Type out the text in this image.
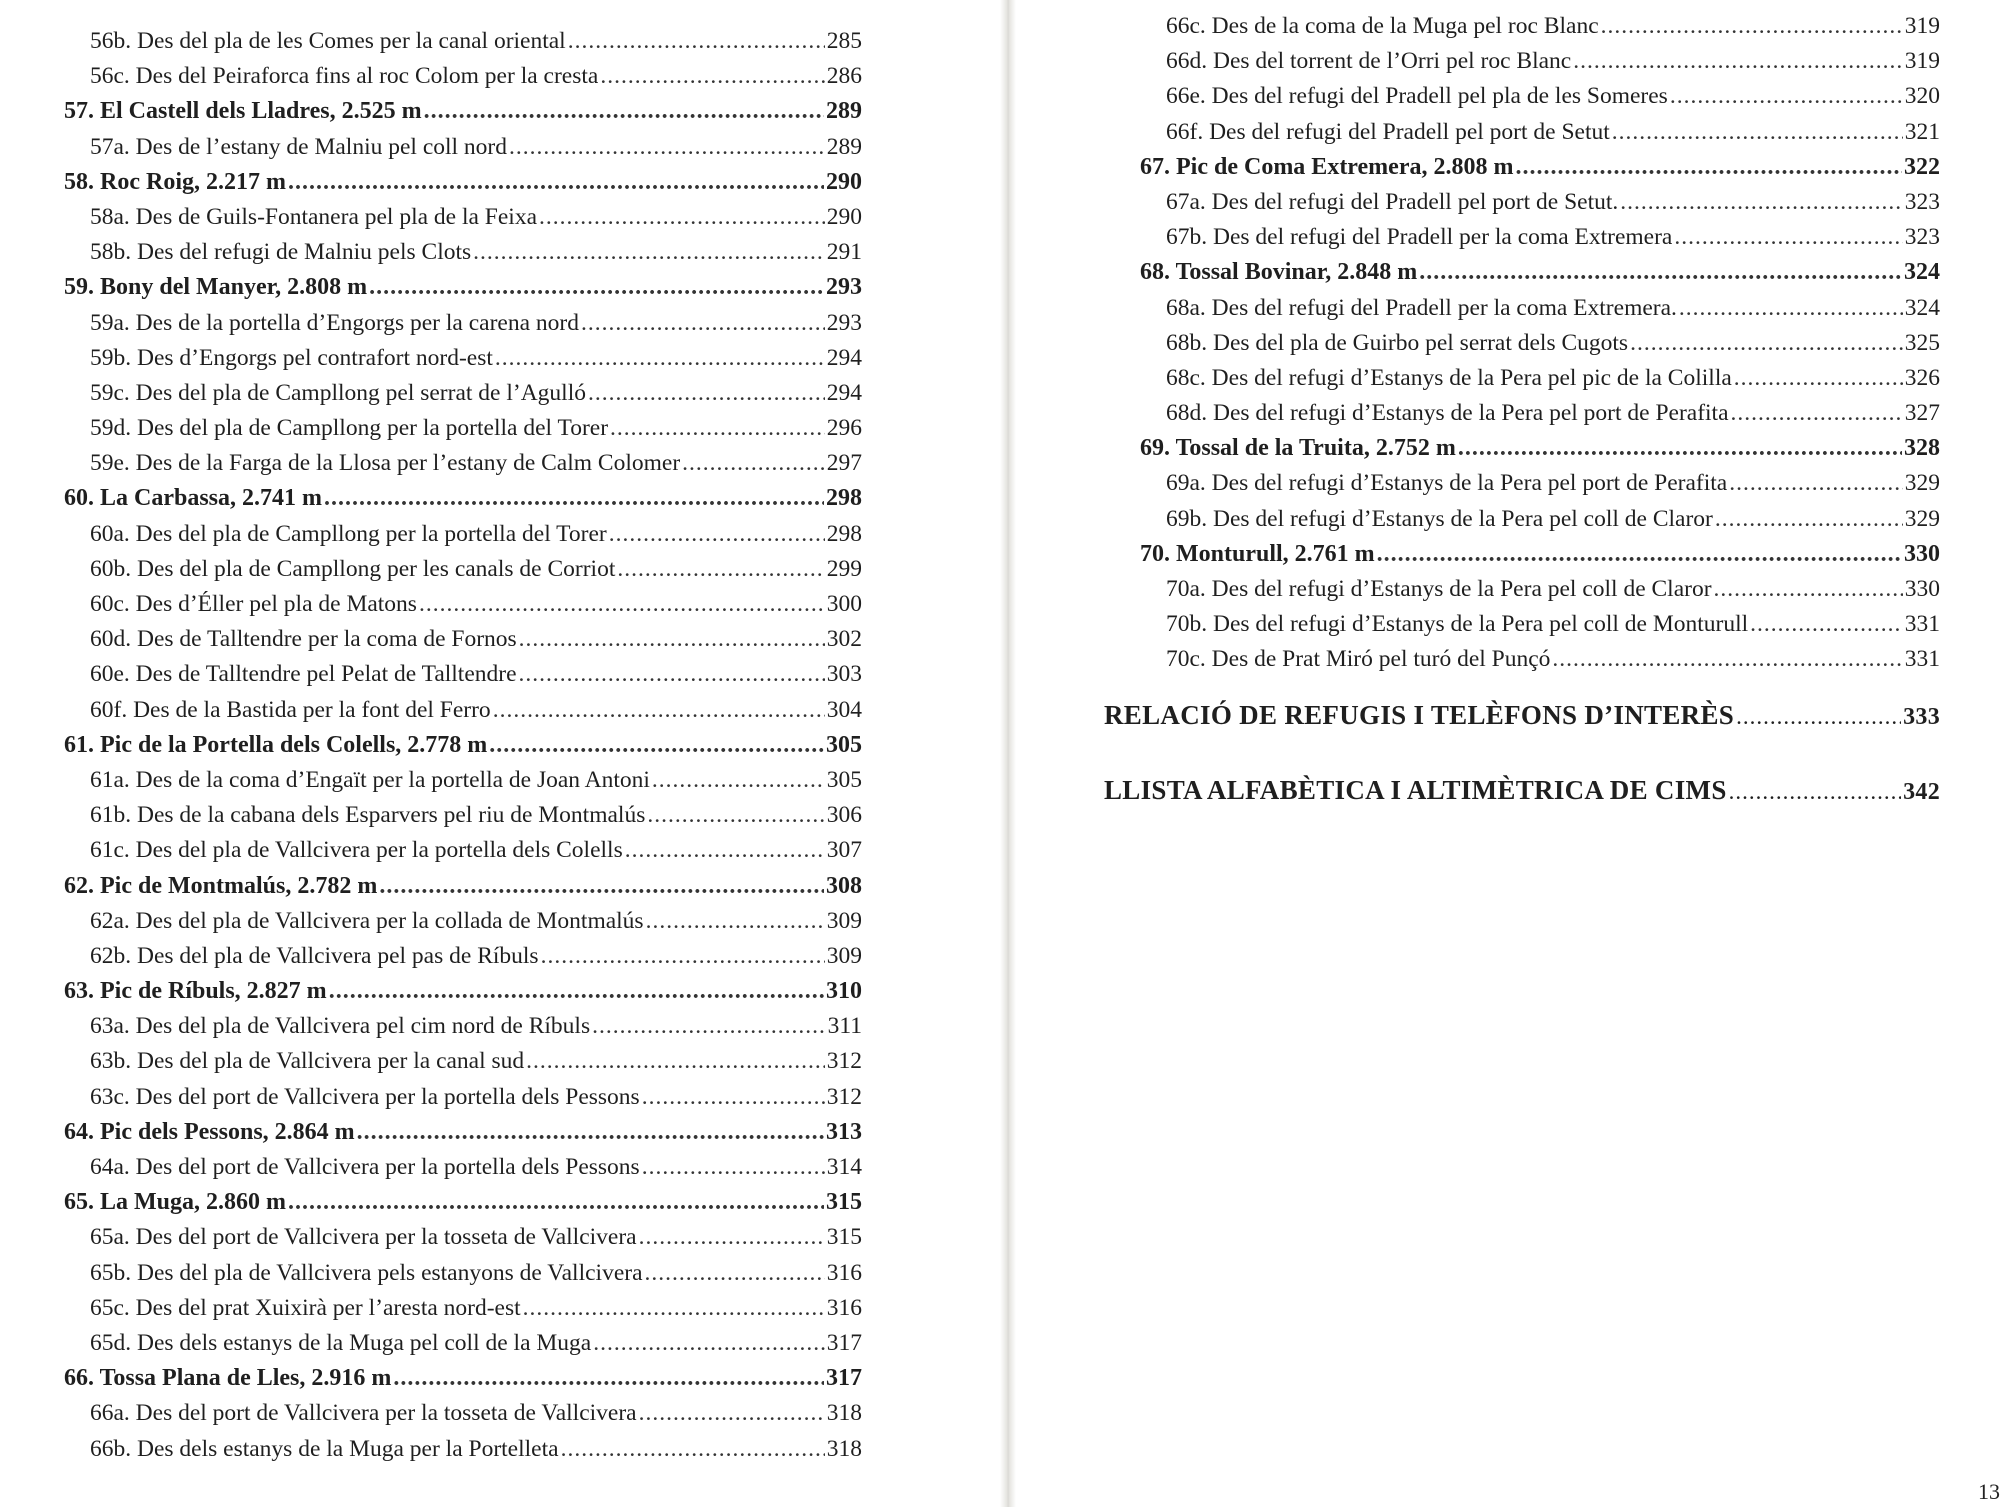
56b. Des del pla de les Comes per la canal oriental .....	285
56c. Des del Peiraforca fins al roc Colom per la cresta .....	286
57. El Castell dels Lladres, 2.525 m .....	289
57a. Des de l’estany de Malniu pel coll nord .....	289
58. Roc Roig, 2.217 m .....	290
58a. Des de Guils-Fontanera pel pla de la Feixa .....	290
58b. Des del refugi de Malniu pels Clots .....	291
59. Bony del Manyer, 2.808 m .....	293
59a. Des de la portella d’Engorgs per la carena nord .....	293
59b. Des d’Engorgs pel contrafort nord-est .....	294
59c. Des del pla de Campllong pel serrat de l’Agulló .....	294
59d. Des del pla de Campllong per la portella del Torer .....	296
59e. Des de la Farga de la Llosa per l’estany de Calm Colomer .....	297
60. La Carbassa, 2.741 m .....	298
60a. Des del pla de Campllong per la portella del Torer .....	298
60b. Des del pla de Campllong per les canals de Corriot .....	299
60c. Des d’Éller pel pla de Matons .....	300
60d. Des de Talltendre per la coma de Fornos .....	302
60e. Des de Talltendre pel Pelat de Talltendre .....	303
60f. Des de la Bastida per la font del Ferro .....	304
61. Pic de la Portella dels Colells, 2.778 m .....	305
61a. Des de la coma d’Engaït per la portella de Joan Antoni .....	305
61b. Des de la cabana dels Esparvers pel riu de Montmalús .....	306
61c. Des del pla de Vallcivera per la portella dels Colells .....	307
62. Pic de Montmalús, 2.782 m .....	308
62a. Des del pla de Vallcivera per la collada de Montmalús .....	309
62b. Des del pla de Vallcivera pel pas de Ríbuls .....	309
63. Pic de Ríbuls, 2.827 m .....	310
63a. Des del pla de Vallcivera pel cim nord de Ríbuls .....	311
63b. Des del pla de Vallcivera per la canal sud .....	312
63c. Des del port de Vallcivera per la portella dels Pessons .....	312
64. Pic dels Pessons, 2.864 m .....	313
64a. Des del port de Vallcivera per la portella dels Pessons .....	314
65. La Muga, 2.860 m .....	315
65a. Des del port de Vallcivera per la tosseta de Vallcivera .....	315
65b. Des del pla de Vallcivera pels estanyons de Vallcivera .....	316
65c. Des del prat Xuixirà per l’aresta nord-est .....	316
65d. Des dels estanys de la Muga pel coll de la Muga .....	317
66. Tossa Plana de Lles, 2.916 m .....	317
66a. Des del port de Vallcivera per la tosseta de Vallcivera .....	318
66b. Des dels estanys de la Muga per la Portelleta .....	318
66c. Des de la coma de la Muga pel roc Blanc .....	319
66d. Des del torrent de l’Orri pel roc Blanc .....	319
66e. Des del refugi del Pradell pel pla de les Someres .....	320
66f. Des del refugi del Pradell pel port de Setut .....	321
67. Pic de Coma Extremera, 2.808 m .....	322
67a. Des del refugi del Pradell pel port de Setut. .....	323
67b. Des del refugi del Pradell per la coma Extremera .....	323
68. Tossal Bovinar, 2.848 m .....	324
68a. Des del refugi del Pradell per la coma Extremera. .....	324
68b. Des del pla de Guirbo pel serrat dels Cugots .....	325
68c. Des del refugi d’Estanys de la Pera pel pic de la Colilla .....	326
68d. Des del refugi d’Estanys de la Pera pel port de Perafita .....	327
69. Tossal de la Truita, 2.752 m .....	328
69a. Des del refugi d’Estanys de la Pera pel port de Perafita .....	329
69b. Des del refugi d’Estanys de la Pera pel coll de Claror .....	329
70. Monturull, 2.761 m .....	330
70a. Des del refugi d’Estanys de la Pera pel coll de Claror .....	330
70b. Des del refugi d’Estanys de la Pera pel coll de Monturull .....	331
70c. Des de Prat Miró pel turó del Punçó .....	331
RELACIÓ DE REFUGIS I TELÈFONS D’INTERÈS .....	333
LLISTA ALFABÈTICA I ALTIMÈTRICA DE CIMS .....	342
13
